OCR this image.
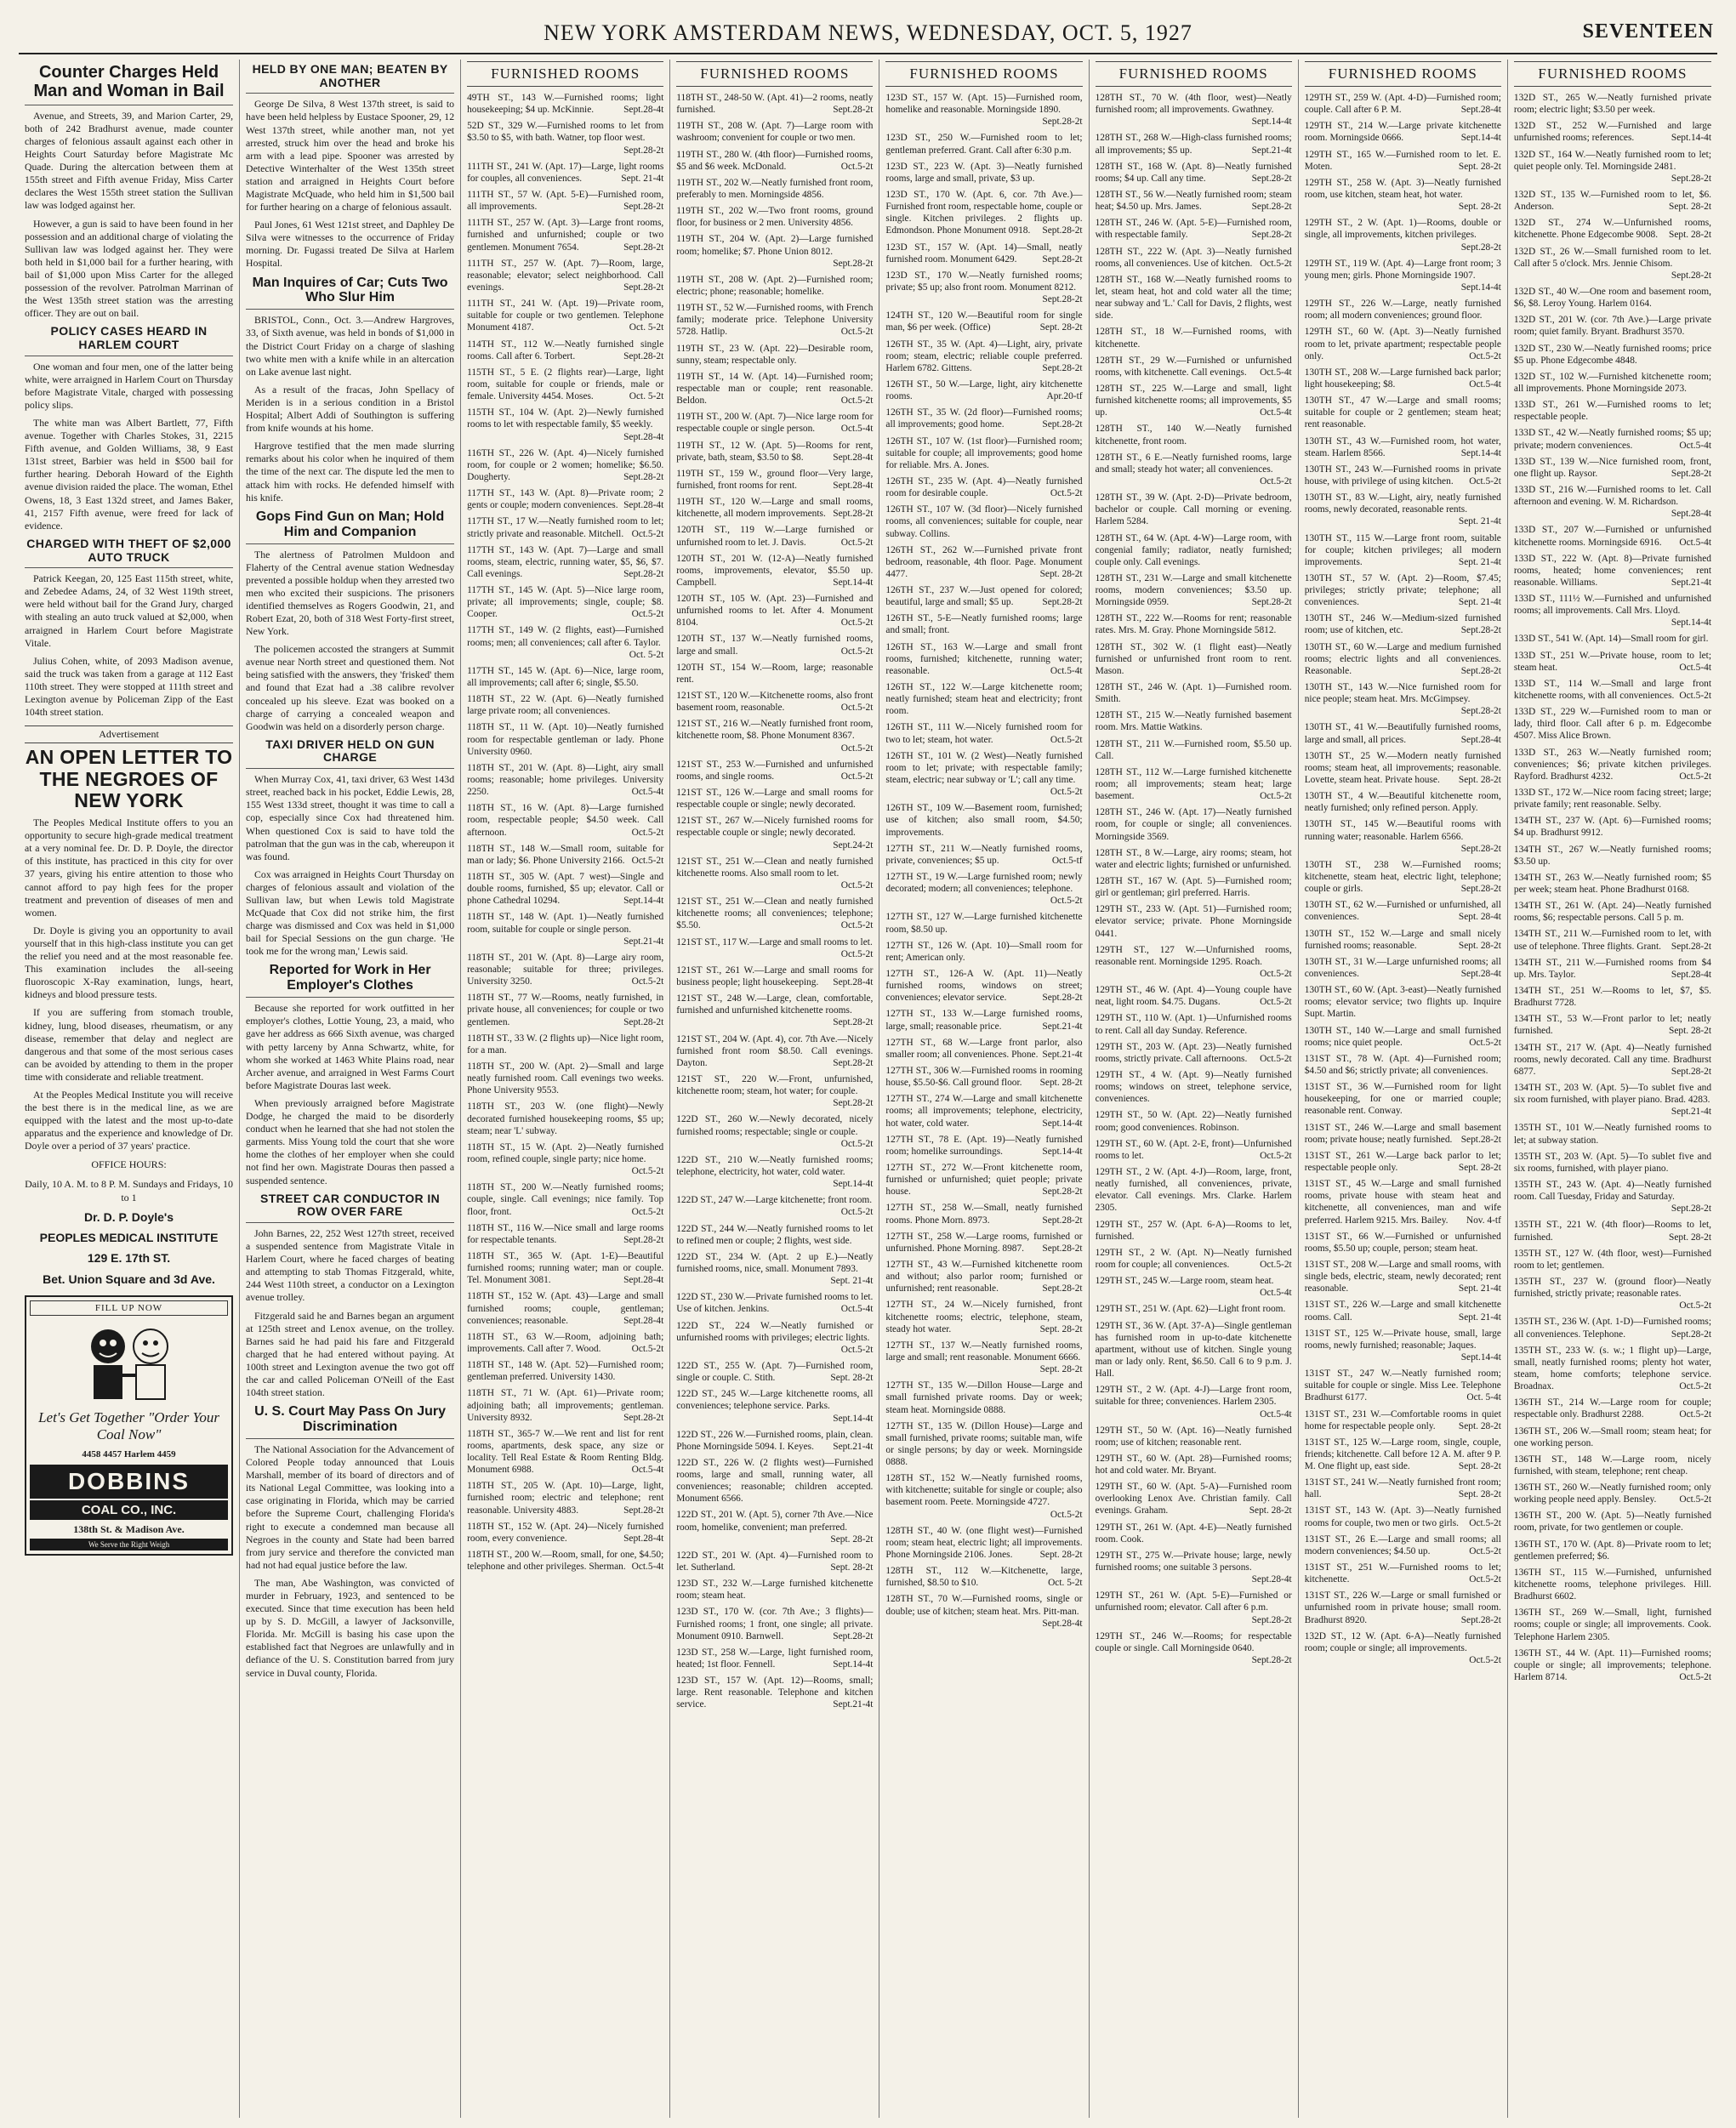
NEW YORK AMSTERDAM NEWS, WEDNESDAY, OCT. 5, 1927	SEVENTEEN
Counter Charges Held Man and Woman in Bail

Avenue, and Streets, 39, and Marion Carter, 29, both of 242 Bradhurst avenue, made counter charges of felonious assault against each other in Heights Court Saturday before Magistrate Mc Quade. During the altercation between them at 155th street and Fifth avenue Friday, Miss Carter declares the West 155th street station the Sullivan law was lodged against her.

However, a gun is said to have been found in her possession and an additional charge of violating the Sullivan law was lodged against her. They were both held in $1,000 bail for a further hearing, with bail of $1,000 upon Miss Carter for the alleged possession of the revolver. Patrolman Marrinan of the West 135th street station was the arresting officer. They are out on bail.

POLICY CASES HEARD IN HARLEM COURT

One woman and four men, one of the latter being white, were arraigned in Harlem Court on Thursday before Magistrate Vitale, charged with possessing policy slips.

The white man was Albert Bartlett, 77, Fifth avenue. Together with Charles Stokes, 31, 2215 Fifth avenue, and Golden Williams, 38, 9 East 131st street, Barbier was held in $500 bail for further hearing. Deborah Howard of the Eighth avenue division raided the place. The woman, Ethel Owens, 18, 3 East 132d street, and James Baker, 41, 2157 Fifth avenue, were freed for lack of evidence.

CHARGED WITH THEFT OF $2,000 AUTO TRUCK

Patrick Keegan, 20, 125 East 115th street, white, and Zebedee Adams, 24, of 32 West 119th street, were held without bail for the Grand Jury, charged with stealing an auto truck valued at $2,000, when arraigned in Harlem Court before Magistrate Vitale.

Julius Cohen, white, of 2093 Madison avenue, said the truck was taken from a garage at 112 East 110th street. They were stopped at 111th street and Lexington avenue by Policeman Zipp of the East 104th street station.

Advertisement
AN OPEN LETTER TO THE NEGROES OF NEW YORK

The Peoples Medical Institute offers to you an opportunity to secure high-grade medical treatment at a very nominal fee. Dr. D. P. Doyle, the director of this institute, has practiced in this city for over 37 years, giving his entire attention to those who cannot afford to pay high fees for the proper treatment and prevention of diseases of men and women.

Dr. Doyle is giving you an opportunity to avail yourself that in this high-class institute you can get the relief you need and at the most reasonable fee. This examination includes the all-seeing fluoroscopic X-Ray examination, lungs, heart, kidneys and blood pressure tests.

If you are suffering from stomach trouble, kidney, lung, blood diseases, rheumatism, or any disease, remember that delay and neglect are dangerous and that some of the most serious cases can be avoided by attending to them in the proper time with considerate and reliable treatment.

At the Peoples Medical Institute you will receive the best there is in the medical line, as we are equipped with the latest and the most up-to-date apparatus and the experience and knowledge of Dr. Doyle over a period of 37 years' practice.

OFFICE HOURS:
Daily, 10 A. M. to 8 P. M. Sundays and Fridays, 10 to 1
Dr. D. P. Doyle's
PEOPLES MEDICAL INSTITUTE
129 E. 17th ST.
Bet. Union Square and 3d Ave.
FILL UP NOW
Let's Get Together "Order Your Coal Now"
4458 4457 Harlem 4459
DOBBINS
COAL CO., INC.
138th St. & Madison Ave.
We Serve the Right Weigh
HELD BY ONE MAN; BEATEN BY ANOTHER

George De Silva, 8 West 137th street, is said to have been held helpless by Eustace Spooner, 29, 12 West 137th street, while another man, not yet arrested, struck him over the head and broke his arm with a lead pipe. Spooner was arrested by Detective Winterhalter of the West 135th street station and arraigned in Heights Court before Magistrate McQuade, who held him in $1,500 bail for further hearing on a charge of felonious assault.

Paul Jones, 61 West 121st street, and Daphley De Silva were witnesses to the occurrence of Friday morning. Dr. Fugassi treated De Silva at Harlem Hospital.

Man Inquires of Car; Cuts Two Who Slur Him

BRISTOL, Conn., Oct. 3.—Andrew Hargroves, 33, of Sixth avenue, was held in bonds of $1,000 in the District Court Friday on a charge of slashing two white men with a knife while in an altercation on Lake avenue last night.

As a result of the fracas, John Spellacy of Meriden is in a serious condition in a Bristol Hospital; Albert Addi of Southington is suffering from knife wounds at his home.

Hargrove testified that the men made slurring remarks about his color when he inquired of them the time of the next car. The dispute led the men to attack him with rocks. He defended himself with his knife.

Gops Find Gun on Man; Hold Him and Companion

The alertness of Patrolmen Muldoon and Flaherty of the Central avenue station Wednesday prevented a possible holdup when they arrested two men who excited their suspicions. The prisoners identified themselves as Rogers Goodwin, 21, and Robert Ezat, 20, both of 318 West Forty-first street, New York.

The policemen accosted the strangers at Summit avenue near North street and questioned them. Not being satisfied with the answers, they 'frisked' them and found that Ezat had a .38 calibre revolver concealed up his sleeve. Ezat was booked on a charge of carrying a concealed weapon and Goodwin was held on a disorderly person charge.

TAXI DRIVER HELD ON GUN CHARGE

When Murray Cox, 41, taxi driver, 63 West 143d street, reached back in his pocket, Eddie Lewis, 28, 155 West 133d street, thought it was time to call a cop, especially since Cox had threatened him. When questioned Cox is said to have told the patrolman that the gun was in the cab, whereupon it was found.

Cox was arraigned in Heights Court Thursday on charges of felonious assault and violation of the Sullivan law, but when Lewis told Magistrate McQuade that Cox did not strike him, the first charge was dismissed and Cox was held in $1,000 bail for Special Sessions on the gun charge. 'He took me for the wrong man,' Lewis said.

Reported for Work in Her Employer's Clothes

Because she reported for work outfitted in her employer's clothes, Lottie Young, 23, a maid, who gave her address as 666 Sixth avenue, was charged with petty larceny by Anna Schwartz, white, for whom she worked at 1463 White Plains road, near Archer avenue, and arraigned in West Farms Court before Magistrate Douras last week.

When previously arraigned before Magistrate Dodge, he charged the maid to be disorderly conduct when he learned that she had not stolen the garments. Miss Young told the court that she wore home the clothes of her employer when she could not find her own. Magistrate Douras then passed a suspended sentence.

STREET CAR CONDUCTOR IN ROW OVER FARE

John Barnes, 22, 252 West 127th street, received a suspended sentence from Magistrate Vitale in Harlem Court, where he faced charges of beating and attempting to stab Thomas Fitzgerald, white, 244 West 110th street, a conductor on a Lexington avenue trolley.

Fitzgerald said he and Barnes began an argument at 125th street and Lenox avenue, on the trolley. Barnes said he had paid his fare and Fitzgerald charged that he had entered without paying. At 100th street and Lexington avenue the two got off the car and called Policeman O'Neill of the East 104th street station.

U. S. Court May Pass On Jury Discrimination

The National Association for the Advancement of Colored People today announced that Louis Marshall, member of its board of directors and of its National Legal Committee, was looking into a case originating in Florida, which may be carried before the Supreme Court, challenging Florida's right to execute a condemned man because all Negroes in the county and State had been barred from jury service and therefore the convicted man had not had equal justice before the law.

The man, Abe Washington, was convicted of murder in February, 1923, and sentenced to be executed. Since that time execution has been held up by S. D. McGill, a lawyer of Jacksonville, Florida. Mr. McGill is basing his case upon the established fact that Negroes are unlawfully and in defiance of the U. S. Constitution barred from jury service in Duval county, Florida.

FURNISHED ROOMS

49TH ST., 143 W.—Furnished rooms; light housekeeping; $4 up. McKinnie.	Sept.28-4t

52D ST., 329 W.—Furnished rooms to let from $3.50 to $5, with bath. Watner, top floor west.
Sept.28-2t

111TH ST., 241 W. (Apt. 17)—Large, light rooms for couples, all conveniences.	Sept. 21-4t

111TH ST., 57 W. (Apt. 5-E)—Furnished room, all improvements.	Sept.28-2t

111TH ST., 257 W. (Apt. 3)—Large front rooms, furnished and unfurnished; couple or two gentlemen. Monument 7654.	Sept.28-2t

111TH ST., 257 W. (Apt. 7)—Room, large, reasonable; elevator; select neighborhood. Call evenings.	Sept.28-2t

111TH ST., 241 W. (Apt. 19)—Private room, suitable for couple or two gentlemen. Telephone Monument 4187.	Oct. 5-2t

114TH ST., 112 W.—Neatly furnished single rooms. Call after 6. Torbert.	Sept.28-2t

115TH ST., 5 E. (2 flights rear)—Large, light room, suitable for couple or friends, male or female. University 4454. Moses.	Oct. 5-2t

115TH ST., 104 W. (Apt. 2)—Newly furnished rooms to let with respectable family, $5 weekly.
Sept.28-4t

116TH ST., 226 W. (Apt. 4)—Nicely furnished room, for couple or 2 women; homelike; $6.50. Dougherty.	Sept.28-2t

117TH ST., 143 W. (Apt. 8)—Private room; 2 gents or couple; modern conveniences. Sept.28-4t

117TH ST., 17 W.—Neatly furnished room to let; strictly private and reasonable. Mitchell. Oct.5-2t

117TH ST., 143 W. (Apt. 7)—Large and small rooms, steam, electric, running water, $5, $6, $7. Call evenings.	Sept.28-2t

117TH ST., 145 W. (Apt. 5)—Nice large room, private; all improvements; single, couple; $8. Cooper.	Oct.5-2t

117TH ST., 149 W. (2 flights, east)—Furnished rooms; men; all conveniences; call after 6. Taylor.
Oct. 5-2t

117TH ST., 145 W. (Apt. 6)—Nice, large room, all improvements; call after 6; single, $5.50.

118TH ST., 22 W. (Apt. 6)—Neatly furnished large private room; all conveniences.

118TH ST., 11 W. (Apt. 10)—Neatly furnished room for respectable gentleman or lady. Phone University 0960.

118TH ST., 201 W. (Apt. 8)—Light, airy small rooms; reasonable; home privileges. University 2250.	Oct.5-4t

118TH ST., 16 W. (Apt. 8)—Large furnished room, respectable people; $4.50 week. Call afternoon.	Oct.5-2t

118TH ST., 148 W.—Small room, suitable for man or lady; $6. Phone University 2166. Oct.5-2t

118TH ST., 305 W. (Apt. 7 west)—Single and double rooms, furnished, $5 up; elevator. Call or phone Cathedral 10294.	Sept.14-4t

118TH ST., 148 W. (Apt. 1)—Neatly furnished room, suitable for couple or single person.
Sept.21-4t

118TH ST., 201 W. (Apt. 8)—Large airy room, reasonable; suitable for three; privileges. University 3250.	Oct.5-2t

118TH ST., 77 W.—Rooms, neatly furnished, in private house, all conveniences; for couple or two gentlemen.	Sept.28-2t

118TH ST., 33 W. (2 flights up)—Nice light room, for a man.

118TH ST., 200 W. (Apt. 2)—Small and large neatly furnished room. Call evenings two weeks. Phone University 9553.

118TH ST., 203 W. (one flight)—Newly decorated furnished housekeeping rooms, $5 up; steam; near 'L' subway.

118TH ST., 15 W. (Apt. 2)—Neatly furnished room, refined couple, single party; nice home.
Oct.5-2t

118TH ST., 200 W.—Neatly furnished rooms; couple, single. Call evenings; nice family. Top floor, front.	Oct.5-2t

118TH ST., 116 W.—Nice small and large rooms for respectable tenants.	Sept.28-2t

118TH ST., 365 W. (Apt. 1-E)—Beautiful furnished rooms; running water; man or couple. Tel. Monument 3081.	Sept.28-4t

118TH ST., 152 W. (Apt. 43)—Large and small furnished rooms; couple, gentleman; conveniences; reasonable.	Sept.28-4t

118TH ST., 63 W.—Room, adjoining bath; improvements. Call after 7. Wood.	Oct.5-2t

118TH ST., 148 W. (Apt. 52)—Furnished room; gentleman preferred. University 1430.

118TH ST., 71 W. (Apt. 61)—Private room; adjoining bath; all improvements; gentleman. University 8932.	Sept.28-2t

118TH ST., 365-7 W.—We rent and list for rent rooms, apartments, desk space, any size or locality. Tell Real Estate & Room Renting Bldg. Monument 6988.	Oct.5-4t

118TH ST., 205 W. (Apt. 10)—Large, light, furnished room; electric and telephone; rent reasonable. University 4883.	Sept.28-2t

118TH ST., 152 W. (Apt. 24)—Nicely furnished room, every convenience.	Sept.28-4t

118TH ST., 200 W.—Room, small, for one, $4.50; telephone and other privileges. Sherman. Oct.5-4t

FURNISHED ROOMS

118TH ST., 248-50 W. (Apt. 41)—2 rooms, neatly furnished.	Sept.28-2t

119TH ST., 208 W. (Apt. 7)—Large room with washroom; convenient for couple or two men.

119TH ST., 280 W. (4th floor)—Furnished rooms, $5 and $6 week. McDonald.	Oct.5-2t

119TH ST., 202 W.—Neatly furnished front room, preferably to men. Morningside 4856.

119TH ST., 202 W.—Two front rooms, ground floor, for business or 2 men. University 4856.

119TH ST., 204 W. (Apt. 2)—Large furnished room; homelike; $7. Phone Union 8012.
Sept.28-2t

119TH ST., 208 W. (Apt. 2)—Furnished room; electric; phone; reasonable; homelike.

119TH ST., 52 W.—Furnished rooms, with French family; moderate price. Telephone University 5728. Hatlip.	Oct.5-2t

119TH ST., 23 W. (Apt. 22)—Desirable room, sunny, steam; respectable only.

119TH ST., 14 W. (Apt. 14)—Furnished room; respectable man or couple; rent reasonable. Beldon.	Oct.5-2t

119TH ST., 200 W. (Apt. 7)—Nice large room for respectable couple or single person.	Oct.5-4t

119TH ST., 12 W. (Apt. 5)—Rooms for rent, private, bath, steam, $3.50 to $8.	Sept.28-4t

119TH ST., 159 W., ground floor—Very large, furnished, front rooms for rent.	Sept.28-4t

119TH ST., 120 W.—Large and small rooms, kitchenette, all modern improvements. Sept.28-2t

120TH ST., 119 W.—Large furnished or unfurnished room to let. J. Davis.	Oct.5-2t

120TH ST., 201 W. (12-A)—Neatly furnished rooms, improvements, elevator, $5.50 up. Campbell.	Sept.14-4t

120TH ST., 105 W. (Apt. 23)—Furnished and unfurnished rooms to let. After 4. Monument 8104.	Oct.5-2t

120TH ST., 137 W.—Neatly furnished rooms, large and small.	Oct.5-2t

120TH ST., 154 W.—Room, large; reasonable rent.

121ST ST., 120 W.—Kitchenette rooms, also front basement room, reasonable.	Oct.5-2t

121ST ST., 216 W.—Neatly furnished front room, kitchenette room, $8. Phone Monument 8367.
Oct.5-2t

121ST ST., 253 W.—Furnished and unfurnished rooms, and single rooms.	Oct.5-2t

121ST ST., 126 W.—Large and small rooms for respectable couple or single; newly decorated.

121ST ST., 267 W.—Nicely furnished rooms for respectable couple or single; newly decorated.
Sept.24-2t

121ST ST., 251 W.—Clean and neatly furnished kitchenette rooms. Also small room to let.
Oct.5-2t

121ST ST., 251 W.—Clean and neatly furnished kitchenette rooms; all conveniences; telephone; $5.50.	Oct.5-2t

121ST ST., 117 W.—Large and small rooms to let.
Oct.5-2t

121ST ST., 261 W.—Large and small rooms for business people; light housekeeping.	Sept.28-4t

121ST ST., 248 W.—Large, clean, comfortable, furnished and unfurnished kitchenette rooms.
Sept.28-2t

121ST ST., 204 W. (Apt. 4), cor. 7th Ave.—Nicely furnished front room $8.50. Call evenings. Dayton.	Sept.28-2t

121ST ST., 220 W.—Front, unfurnished, kitchenette room; steam, hot water; for couple.
Sept.28-2t

122D ST., 260 W.—Newly decorated, nicely furnished rooms; respectable; single or couple.
Oct.5-2t

122D ST., 210 W.—Neatly furnished rooms; telephone, electricity, hot water, cold water.
Sept.14-4t

122D ST., 247 W.—Large kitchenette; front room.
Oct.5-2t

122D ST., 244 W.—Neatly furnished rooms to let to refined men or couple; 2 flights, west side.

122D ST., 234 W. (Apt. 2 up E.)—Neatly furnished rooms, nice, small. Monument 7893.
Sept. 21-4t

122D ST., 230 W.—Private furnished rooms to let. Use of kitchen. Jenkins.	Oct.5-4t

122D ST., 224 W.—Neatly furnished or unfurnished rooms with privileges; electric lights.
Oct.5-2t

122D ST., 255 W. (Apt. 7)—Furnished room, single or couple. C. Stith.	Sept. 28-2t

122D ST., 245 W.—Large kitchenette rooms, all conveniences; telephone service. Parks.
Sept.14-4t

122D ST., 226 W.—Furnished rooms, plain, clean. Phone Morningside 5094. I. Keyes.	Sept.21-4t

122D ST., 226 W. (2 flights west)—Furnished rooms, large and small, running water, all conveniences; reasonable; children accepted. Monument 6566.

122D ST., 201 W. (Apt. 5), corner 7th Ave.—Nice room, homelike, convenient; man preferred.
Sept. 28-2t

122D ST., 201 W. (Apt. 4)—Furnished room to let. Sutherland.	Sept. 28-2t

123D ST., 232 W.—Large furnished kitchenette room; steam heat.

123D ST., 170 W. (cor. 7th Ave.; 3 flights)—Furnished rooms; 1 front, one single; all private. Monument 0910. Barnwell.	Sept.28-2t

123D ST., 258 W.—Large, light furnished room, heated; 1st floor. Fennell.	Sept.14-4t

123D ST., 157 W. (Apt. 12)—Rooms, small; large. Rent reasonable. Telephone and kitchen service.	Sept.21-4t

FURNISHED ROOMS

123D ST., 157 W. (Apt. 15)—Furnished room, homelike and reasonable. Morningside 1890.
Sept.28-2t

123D ST., 250 W.—Furnished room to let; gentleman preferred. Grant. Call after 6:30 p.m.

123D ST., 223 W. (Apt. 3)—Neatly furnished rooms, large and small, private, $3 up.

123D ST., 170 W. (Apt. 6, cor. 7th Ave.)—Furnished front room, respectable home, couple or single. Kitchen privileges. 2 flights up. Edmondson. Phone Monument 0918.	Sept.28-2t

123D ST., 157 W. (Apt. 14)—Small, neatly furnished room. Monument 6429.	Sept.28-2t

123D ST., 170 W.—Neatly furnished rooms; private; $5 up; also front room. Monument 8212.
Sept.28-2t

124TH ST., 120 W.—Beautiful room for single man, $6 per week. (Office)	Sept. 28-2t

126TH ST., 35 W. (Apt. 4)—Light, airy, private room; steam, electric; reliable couple preferred. Harlem 6782. Gittens.	Sept.28-2t

126TH ST., 50 W.—Large, light, airy kitchenette rooms.	Apr.20-tf

126TH ST., 35 W. (2d floor)—Furnished rooms; all improvements; good home.	Sept.28-2t

126TH ST., 107 W. (1st floor)—Furnished room; suitable for couple; all improvements; good home for reliable. Mrs. A. Jones.

126TH ST., 235 W. (Apt. 4)—Neatly furnished room for desirable couple.	Oct.5-2t

126TH ST., 107 W. (3d floor)—Nicely furnished rooms, all conveniences; suitable for couple, near subway. Collins.

126TH ST., 262 W.—Furnished private front bedroom, reasonable, 4th floor. Page. Monument 4477.	Sept. 28-2t

126TH ST., 237 W.—Just opened for colored; beautiful, large and small; $5 up.	Sept.28-2t

126TH ST., 5-E—Neatly furnished rooms; large and small; front.

126TH ST., 163 W.—Large and small front rooms, furnished; kitchenette, running water; reasonable.	Oct.5-4t

126TH ST., 122 W.—Large kitchenette room; neatly furnished; steam heat and electricity; front room.

126TH ST., 111 W.—Nicely furnished room for two to let; steam, hot water.	Oct.5-2t

126TH ST., 101 W. (2 West)—Neatly furnished room to let; private; with respectable family; steam, electric; near subway or 'L'; call any time.
Oct.5-2t

126TH ST., 109 W.—Basement room, furnished; use of kitchen; also small room, $4.50; improvements.

127TH ST., 211 W.—Neatly furnished rooms, private, conveniences; $5 up.	Oct.5-tf

127TH ST., 19 W.—Large furnished room; newly decorated; modern; all conveniences; telephone.
Oct.5-2t

127TH ST., 127 W.—Large furnished kitchenette room, $8.50 up.

127TH ST., 126 W. (Apt. 10)—Small room for rent; American only.

127TH ST., 126-A W. (Apt. 11)—Neatly furnished rooms, windows on street; conveniences; elevator service.	Sept.28-2t

127TH ST., 133 W.—Large furnished rooms, large, small; reasonable price.	Sept.21-4t

127TH ST., 68 W.—Large front parlor, also smaller room; all conveniences. Phone. Sept.21-4t

127TH ST., 306 W.—Furnished rooms in rooming house, $5.50-$6. Call ground floor.	Sept. 28-2t

127TH ST., 274 W.—Large and small kitchenette rooms; all improvements; telephone, electricity, hot water, cold water.	Sept.14-4t

127TH ST., 78 E. (Apt. 19)—Neatly furnished room; homelike surroundings.	Sept.14-4t

127TH ST., 272 W.—Front kitchenette room, furnished or unfurnished; quiet people; private house.	Sept.28-2t

127TH ST., 258 W.—Small, neatly furnished rooms. Phone Morn. 8973.	Sept.28-2t

127TH ST., 258 W.—Large rooms, furnished or unfurnished. Phone Morning. 8987.	Sept.28-2t

127TH ST., 43 W.—Furnished kitchenette room and without; also parlor room; furnished or unfurnished; rent reasonable.	Sept.28-2t

127TH ST., 24 W.—Nicely furnished, front kitchenette rooms; electric, telephone, steam, steady hot water.	Sept. 28-2t

127TH ST., 137 W.—Neatly furnished rooms, large and small; rent reasonable. Monument 6666.
Sept. 28-2t

127TH ST., 135 W.—Dillon House—Large and small furnished private rooms. Day or week; steam heat. Morningside 0888.

127TH ST., 135 W. (Dillon House)—Large and small furnished, private rooms; suitable man, wife or single persons; by day or week. Morningside 0888.

128TH ST., 152 W.—Neatly furnished rooms, with kitchenette; suitable for single or couple; also basement room. Peete. Morningside 4727.
Oct.5-2t

128TH ST., 40 W. (one flight west)—Furnished room; steam heat, electric light; all improvements. Phone Morningside 2106. Jones.	Sept. 28-2t

128TH ST., 112 W.—Kitchenette, large, furnished, $8.50 to $10.	Oct. 5-2t

128TH ST., 70 W.—Furnished rooms, single or double; use of kitchen; steam heat. Mrs. Pitt-man.
Sept.28-4t

FURNISHED ROOMS

128TH ST., 70 W. (4th floor, west)—Neatly furnished room; all improvements. Gwathney.
Sept.14-4t

128TH ST., 268 W.—High-class furnished rooms; all improvements; $5 up.	Sept.21-4t

128TH ST., 168 W. (Apt. 8)—Neatly furnished rooms; $4 up. Call any time.	Sept.28-2t

128TH ST., 56 W.—Neatly furnished room; steam heat; $4.50 up. Mrs. James.	Sept.28-2t

128TH ST., 246 W. (Apt. 5-E)—Furnished room, with respectable family.	Sept.28-2t

128TH ST., 222 W. (Apt. 3)—Neatly furnished rooms, all conveniences. Use of kitchen. Oct.5-2t

128TH ST., 168 W.—Neatly furnished rooms to let, steam heat, hot and cold water all the time; near subway and 'L.' Call for Davis, 2 flights, west side.

128TH ST., 18 W.—Furnished rooms, with kitchenette.

128TH ST., 29 W.—Furnished or unfurnished rooms, with kitchenette. Call evenings.	Oct.5-4t

128TH ST., 225 W.—Large and small, light furnished kitchenette rooms; all improvements, $5 up.	Oct.5-4t

128TH ST., 140 W.—Neatly furnished kitchenette, front room.

128TH ST., 6 E.—Neatly furnished rooms, large and small; steady hot water; all conveniences.
Oct.5-2t

128TH ST., 39 W. (Apt. 2-D)—Private bedroom, bachelor or couple. Call morning or evening. Harlem 5284.

128TH ST., 64 W. (Apt. 4-W)—Large room, with congenial family; radiator, neatly furnished; couple only. Call evenings.

128TH ST., 231 W.—Large and small kitchenette rooms, modern conveniences; $3.50 up. Morningside 0959.	Sept.28-2t

128TH ST., 222 W.—Rooms for rent; reasonable rates. Mrs. M. Gray. Phone Morningside 5812.

128TH ST., 302 W. (1 flight east)—Neatly furnished or unfurnished front room to rent. Mason.

128TH ST., 246 W. (Apt. 1)—Furnished room. Smith.

128TH ST., 215 W.—Neatly furnished basement room. Mrs. Mattie Watkins.

128TH ST., 211 W.—Furnished room, $5.50 up. Call.

128TH ST., 112 W.—Large furnished kitchenette room; all improvements; steam heat; large basement.	Oct.5-2t

128TH ST., 246 W. (Apt. 17)—Neatly furnished room, for couple or single; all conveniences. Morningside 3569.

128TH ST., 8 W.—Large, airy rooms; steam, hot water and electric lights; furnished or unfurnished.

128TH ST., 167 W. (Apt. 5)—Furnished room; girl or gentleman; girl preferred. Harris.

129TH ST., 233 W. (Apt. 51)—Furnished room; elevator service; private. Phone Morningside 0441.

129TH ST., 127 W.—Unfurnished rooms, reasonable rent. Morningside 1295. Roach.
Oct.5-2t

129TH ST., 46 W. (Apt. 4)—Young couple have neat, light room. $4.75. Dugans.	Oct.5-2t

129TH ST., 110 W. (Apt. 1)—Unfurnished rooms to rent. Call all day Sunday. Reference.

129TH ST., 203 W. (Apt. 23)—Neatly furnished rooms, strictly private. Call afternoons.	Oct.5-2t

129TH ST., 4 W. (Apt. 9)—Neatly furnished rooms; windows on street, telephone service, conveniences.

129TH ST., 50 W. (Apt. 22)—Neatly furnished room; good conveniences. Robinson.

129TH ST., 60 W. (Apt. 2-E, front)—Unfurnished rooms to let.	Oct.5-2t

129TH ST., 2 W. (Apt. 4-J)—Room, large, front, neatly furnished, all conveniences, private, elevator. Call evenings. Mrs. Clarke. Harlem 2305.

129TH ST., 257 W. (Apt. 6-A)—Rooms to let, furnished.

129TH ST., 2 W. (Apt. N)—Neatly furnished room for couple; all conveniences.	Oct.5-2t

129TH ST., 245 W.—Large room, steam heat.
Oct.5-4t

129TH ST., 251 W. (Apt. 62)—Light front room.

129TH ST., 36 W. (Apt. 37-A)—Single gentleman has furnished room in up-to-date kitchenette apartment, without use of kitchen. Single young man or lady only. Rent, $6.50. Call 6 to 9 p.m. J. Hall.

129TH ST., 2 W. (Apt. 4-J)—Large front room, suitable for three; conveniences. Harlem 2305.
Oct.5-4t

129TH ST., 50 W. (Apt. 16)—Neatly furnished room; use of kitchen; reasonable rent.

129TH ST., 60 W. (Apt. 28)—Furnished rooms; hot and cold water. Mr. Bryant.

129TH ST., 60 W. (Apt. 5-A)—Furnished room overlooking Lenox Ave. Christian family. Call evenings. Graham.	Sept. 28-2t

129TH ST., 261 W. (Apt. 4-E)—Neatly furnished room. Cook.

129TH ST., 275 W.—Private house; large, newly furnished rooms; one suitable 3 persons.
Sept.28-4t

129TH ST., 261 W. (Apt. 5-E)—Furnished or unfurnished room; elevator. Call after 6 p.m.
Sept.28-2t

129TH ST., 246 W.—Rooms; for respectable couple or single. Call Morningside 0640.
Sept.28-2t

FURNISHED ROOMS

129TH ST., 259 W. (Apt. 4-D)—Furnished room; couple. Call after 6 P. M.	Sept.28-4t

129TH ST., 214 W.—Large private kitchenette room. Morningside 0666.	Sept.14-4t

129TH ST., 165 W.—Furnished room to let. E. Moten.	Sept. 28-2t

129TH ST., 258 W. (Apt. 3)—Neatly furnished room, use kitchen, steam heat, hot water.
Sept. 28-2t

129TH ST., 2 W. (Apt. 1)—Rooms, double or single, all improvements, kitchen privileges.
Sept.28-2t

129TH ST., 119 W. (Apt. 4)—Large front room; 3 young men; girls. Phone Morningside 1907.
Sept.14-4t

129TH ST., 226 W.—Large, neatly furnished room; all modern conveniences; ground floor.

129TH ST., 60 W. (Apt. 3)—Neatly furnished room to let, private apartment; respectable people only.	Oct.5-2t

130TH ST., 208 W.—Large furnished back parlor; light housekeeping; $8.	Oct.5-4t

130TH ST., 47 W.—Large and small rooms; suitable for couple or 2 gentlemen; steam heat; rent reasonable.

130TH ST., 43 W.—Furnished room, hot water, steam. Harlem 8566.	Sept.14-4t

130TH ST., 243 W.—Furnished rooms in private house, with privilege of using kitchen.	Oct.5-2t

130TH ST., 83 W.—Light, airy, neatly furnished rooms, newly decorated, reasonable rents.
Sept. 21-4t

130TH ST., 115 W.—Large front room, suitable for couple; kitchen privileges; all modern improvements.	Sept. 21-4t

130TH ST., 57 W. (Apt. 2)—Room, $7.45; privileges; strictly private; telephone; all conveniences.	Sept. 21-4t

130TH ST., 246 W.—Medium-sized furnished room; use of kitchen, etc.	Sept.28-2t

130TH ST., 60 W.—Large and medium furnished rooms; electric lights and all conveniences. Reasonable.	Sept.28-2t

130TH ST., 143 W.—Nice furnished room for nice people; steam heat. Mrs. McGimpsey.
Sept.28-2t

130TH ST., 41 W.—Beautifully furnished rooms, large and small, all prices.	Sept.28-4t

130TH ST., 25 W.—Modern neatly furnished rooms; steam heat, all improvements; reasonable. Lovette, steam heat. Private house.	Sept. 28-2t

130TH ST., 4 W.—Beautiful kitchenette room, neatly furnished; only refined person. Apply.

130TH ST., 145 W.—Beautiful rooms with running water; reasonable. Harlem 6566.
Sept.28-2t

130TH ST., 238 W.—Furnished rooms; kitchenette, steam heat, electric light, telephone; couple or girls.	Sept.28-2t

130TH ST., 62 W.—Furnished or unfurnished, all conveniences.	Sept. 28-4t

130TH ST., 152 W.—Large and small nicely furnished rooms; reasonable.	Sept. 28-2t

130TH ST., 31 W.—Large unfurnished rooms; all conveniences.	Sept.28-4t

130TH ST., 60 W. (Apt. 3-east)—Neatly furnished rooms; elevator service; two flights up. Inquire Supt. Martin.

130TH ST., 140 W.—Large and small furnished rooms; nice quiet people.	Oct.5-2t

131ST ST., 78 W. (Apt. 4)—Furnished room; $4.50 and $6; strictly private; all conveniences.

131ST ST., 36 W.—Furnished room for light housekeeping, for one or married couple; reasonable rent. Conway.

131ST ST., 246 W.—Large and small basement room; private house; neatly furnished. Sept.28-2t

131ST ST., 261 W.—Large back parlor to let; respectable people only.	Sept. 28-2t

131ST ST., 45 W.—Large and small furnished rooms, private house with steam heat and kitchenette, all conveniences, man and wife preferred. Harlem 9215. Mrs. Bailey.	Nov. 4-tf

131ST ST., 66 W.—Furnished or unfurnished rooms, $5.50 up; couple, person; steam heat.

131ST ST., 208 W.—Large and small rooms, with single beds, electric, steam, newly decorated; rent reasonable.	Sept. 21-4t

131ST ST., 226 W.—Large and small kitchenette rooms. Call.	Sept. 21-4t

131ST ST., 125 W.—Private house, small, large rooms, newly furnished; reasonable; Jaques.
Sept.14-4t

131ST ST., 247 W.—Neatly furnished room; suitable for couple or single. Miss Lee. Telephone Bradhurst 6177.	Oct. 5-4t

131ST ST., 231 W.—Comfortable rooms in quiet home for respectable people only.	Sept. 28-2t

131ST ST., 125 W.—Large room, single, couple, friends; kitchenette. Call before 12 A. M. after 9 P. M. One flight up, east side.	Sept. 28-2t

131ST ST., 241 W.—Neatly furnished front room; hall.	Sept. 28-2t

131ST ST., 143 W. (Apt. 3)—Neatly furnished rooms for couple, two men or two girls.	Oct.5-2t

131ST ST., 26 E.—Large and small rooms; all modern conveniences; $4.50 up.	Oct.5-2t

131ST ST., 251 W.—Furnished rooms to let; kitchenette.	Oct.5-2t

131ST ST., 226 W.—Large or small furnished or unfurnished room in private house; small room. Bradhurst 8920.	Sept.28-2t

132D ST., 12 W. (Apt. 6-A)—Neatly furnished room; couple or single; all improvements.
Oct.5-2t

FURNISHED ROOMS

132D ST., 265 W.—Neatly furnished private room; electric light; $3.50 per week.

132D ST., 252 W.—Furnished and large unfurnished rooms; references.	Sept.14-4t

132D ST., 164 W.—Neatly furnished room to let; quiet people only. Tel. Morningside 2481.
Sept.28-2t

132D ST., 135 W.—Furnished room to let, $6. Anderson.	Sept. 28-2t

132D ST., 274 W.—Unfurnished rooms, kitchenette. Phone Edgecombe 9008.	Sept. 28-2t

132D ST., 26 W.—Small furnished room to let. Call after 5 o'clock. Mrs. Jennie Chisom.
Sept.28-2t

132D ST., 40 W.—One room and basement room, $6, $8. Leroy Young. Harlem 0164.

132D ST., 201 W. (cor. 7th Ave.)—Large private room; quiet family. Bryant. Bradhurst 3570.

132D ST., 230 W.—Neatly furnished rooms; price $5 up. Phone Edgecombe 4848.

132D ST., 102 W.—Furnished kitchenette room; all improvements. Phone Morningside 2073.

133D ST., 261 W.—Furnished rooms to let; respectable people.

133D ST., 42 W.—Neatly furnished rooms; $5 up; private; modern conveniences.	Oct.5-4t

133D ST., 139 W.—Nice furnished room, front, one flight up. Raysor.	Sept.28-2t

133D ST., 216 W.—Furnished rooms to let. Call afternoon and evening. W. M. Richardson.
Sept.28-4t

133D ST., 207 W.—Furnished or unfurnished kitchenette rooms. Morningside 6916.	Oct.5-4t

133D ST., 222 W. (Apt. 8)—Private furnished rooms, heated; home conveniences; rent reasonable. Williams.	Sept.21-4t

133D ST., 111½ W.—Furnished and unfurnished rooms; all improvements. Call Mrs. Lloyd.
Sept.14-4t

133D ST., 541 W. (Apt. 14)—Small room for girl.

133D ST., 251 W.—Private house, room to let; steam heat.	Oct.5-4t

133D ST., 114 W.—Small and large front kitchenette rooms, with all conveniences. Oct.5-2t

133D ST., 229 W.—Furnished room to man or lady, third floor. Call after 6 p. m. Edgecombe 4507. Miss Alice Brown.

133D ST., 263 W.—Neatly furnished room; conveniences; $6; private kitchen privileges. Rayford. Bradhurst 4232.	Oct.5-2t

133D ST., 172 W.—Nice room facing street; large; private family; rent reasonable. Selby.

134TH ST., 237 W. (Apt. 6)—Furnished rooms; $4 up. Bradhurst 9912.

134TH ST., 267 W.—Neatly furnished rooms; $3.50 up.

134TH ST., 263 W.—Neatly furnished room; $5 per week; steam heat. Phone Bradhurst 0168.

134TH ST., 261 W. (Apt. 24)—Neatly furnished rooms, $6; respectable persons. Call 5 p. m.

134TH ST., 211 W.—Furnished room to let, with use of telephone. Three flights. Grant.	Sept.28-2t

134TH ST., 211 W.—Furnished rooms from $4 up. Mrs. Taylor.	Sept.28-4t

134TH ST., 251 W.—Rooms to let, $7, $5. Bradhurst 7728.

134TH ST., 53 W.—Front parlor to let; neatly furnished.	Sept. 28-2t

134TH ST., 217 W. (Apt. 4)—Neatly furnished rooms, newly decorated. Call any time. Bradhurst 6877.	Sept.28-2t

134TH ST., 203 W. (Apt. 5)—To sublet five and six room furnished, with player piano. Brad. 4283.
Sept.21-4t

135TH ST., 101 W.—Neatly furnished rooms to let; at subway station.

135TH ST., 203 W. (Apt. 5)—To sublet five and six rooms, furnished, with player piano.

135TH ST., 243 W. (Apt. 4)—Neatly furnished room. Call Tuesday, Friday and Saturday.
Sept.28-2t

135TH ST., 221 W. (4th floor)—Rooms to let, furnished.	Sept. 28-2t

135TH ST., 127 W. (4th floor, west)—Furnished room to let; gentlemen.

135TH ST., 237 W. (ground floor)—Neatly furnished, strictly private; reasonable rates.
Oct.5-2t

135TH ST., 236 W. (Apt. 1-D)—Furnished rooms; all conveniences. Telephone.	Sept.28-2t

135TH ST., 233 W. (s. w.; 1 flight up)—Large, small, neatly furnished rooms; plenty hot water, steam, home comforts; telephone service. Broadnax.	Oct.5-2t

136TH ST., 214 W.—Large room for couple; respectable only. Bradhurst 2288.	Oct.5-2t

136TH ST., 206 W.—Small room; steam heat; for one working person.

136TH ST., 148 W.—Large room, nicely furnished, with steam, telephone; rent cheap.

136TH ST., 260 W.—Neatly furnished room; only working people need apply. Bensley.	Oct.5-2t

136TH ST., 200 W. (Apt. 5)—Neatly furnished room, private, for two gentlemen or couple.

136TH ST., 170 W. (Apt. 8)—Private room to let; gentlemen preferred; $6.

136TH ST., 115 W.—Furnished, unfurnished kitchenette rooms, telephone privileges. Hill. Bradhurst 6602.

136TH ST., 269 W.—Small, light, furnished rooms; couple or single; all improvements. Cook. Telephone Harlem 2305.

136TH ST., 44 W. (Apt. 11)—Furnished rooms; couple or single; all improvements; telephone. Harlem 8714.	Oct.5-2t
